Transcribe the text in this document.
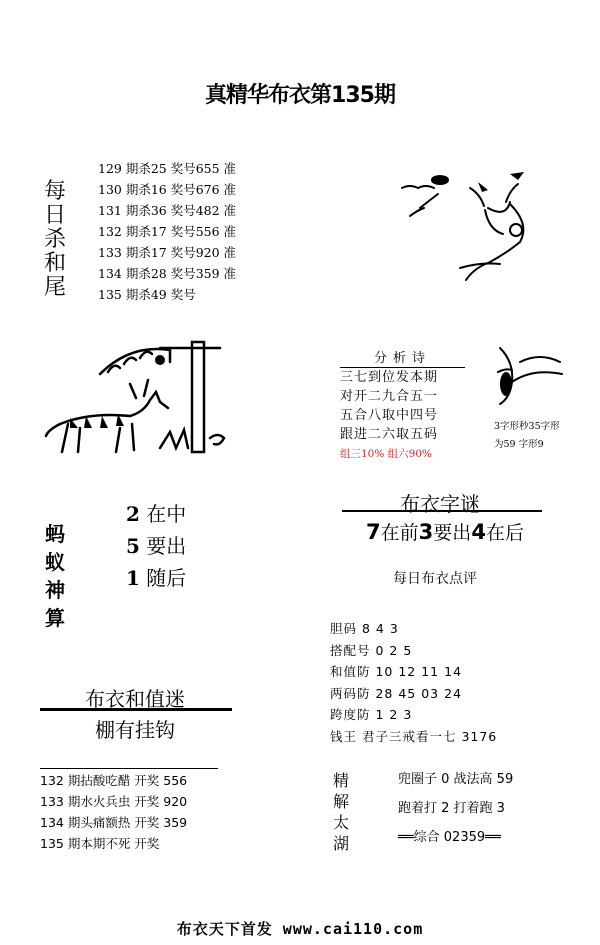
真精华布衣第135期
每
日
杀
和
尾
129 期杀25 奖号655 准
130 期杀16 奖号676 准
131 期杀36 奖号482 准
132 期杀17 奖号556 准
133 期杀17 奖号920 准
134 期杀28 奖号359 准
135 期杀49 奖号
分析诗
三七到位发本期
对开二九合五一
五合八取中四号
跟进二六取五码
组三10% 组六90%
3字形秒35字形
为59 字形9
蚂
蚁
神
算
2 在中
5 要出
1 随后
布衣字谜
7在前3要出4在后
每日布衣点评
胆码 8 4 3
搭配号 0 2 5
和值防 10 12 11 14
两码防 28 45 03 24
跨度防 1 2 3
钱王 君子三戒看一七 3176
布衣和值迷
棚有挂钩
132 期拈酸吃醋 开奖 556
133 期水火兵虫 开奖 920
134 期头痛额热 开奖 359
135 期本期不死 开奖
精
解
太
湖
兜圈子 0 战法高 59
跑着打 2 打着跑 3
══综合 02359══
布衣天下首发 www.cai110.com
